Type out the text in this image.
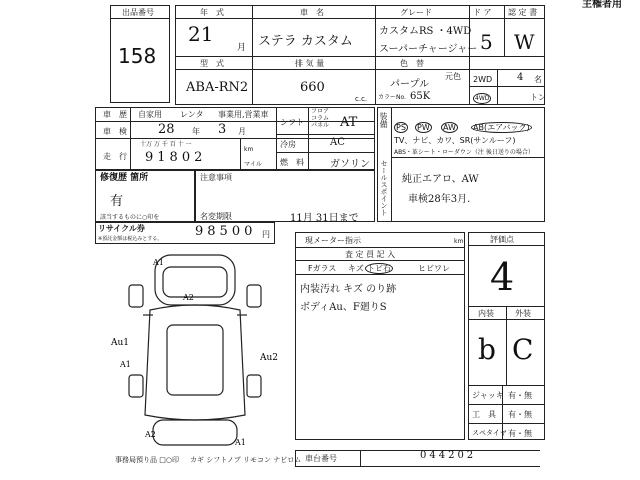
主権者用
出品番号
158
年　式	車　名	グレード	ド ア 認 定 書
21
月 ステラ カスタム
カスタムRS ・4WD
スーパーチャージャー 5 W
型　式	排 気 量	色　替
ABA-RN2	660
c.c.
パープル
元色
カラーNo. 65K
2WD 4 名
4WD	トン
車　歴 自家用 レンタ 事業用,営業車
車　検 28 年 3 月
走　行
十万 万 千 百 十 一
91802
km
マイル
シフト
フロア
コラム
パネル AT
冷房	AC
燃　料	ガソリン
修復歴 箇所
有
該当するものに○印を
注意事項
名変期限	11月 31日まで
リサイクル券
※預託金額は税込みとする。	98500 円
装備
セールスポイント
PS PW AW AB(エアバック)
TV、ナビ、カワ、SR(サンルーフ)
ABS・革シート・ローダウン（注 後日送りの場合）
純正エアロ、AW
車検28年3月.
現メーター指示	km
査 定 員 記 入
Fガラス キズ トビ石	ヒビワレ
内装汚れ キズ のり跡
ボディAu、F廻りS
車台番号	044202
事務局預り品 □○印 カギ シフトノブ リモコン ナビロム
評価点
4
内装	外装
b C
ジャッキ 有・無
工　具 有・無
スペタイヤ 有・無
A1
A2
Au1
A1
Au2
A2
A1
